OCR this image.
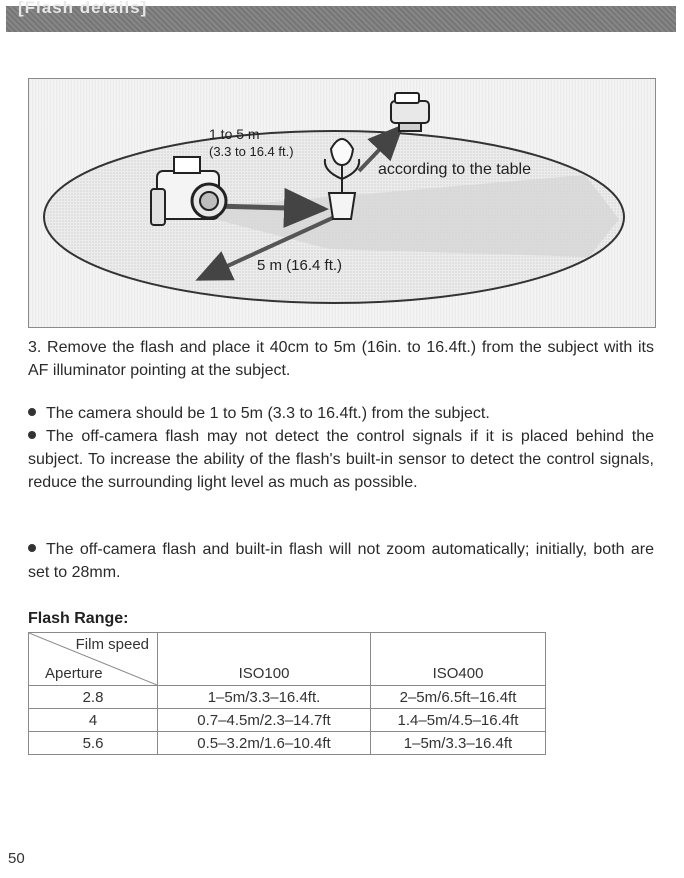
[Flash details]
1 to 5 m
(3.3 to 16.4 ft.)
according to the table
5 m (16.4 ft.)

3. Remove the flash and place it 40cm to 5m (16in. to 16.4ft.) from the subject with its AF illuminator pointing at the subject.

The camera should be 1 to 5m (3.3 to 16.4ft.) from the subject.

The off-camera flash may not detect the control signals if it is placed behind the subject. To increase the ability of the flash's built-in sensor to detect the control signals, reduce the surrounding light level as much as possible.

The off-camera flash and built-in flash will not zoom automatically; initially, both are set to 28mm.

Flash Range:
Film speed
Aperture	ISO100	ISO400
2.8	1–5m/3.3–16.4ft.	2–5m/6.5ft–16.4ft
4	0.7–4.5m/2.3–14.7ft	1.4–5m/4.5–16.4ft
5.6	0.5–3.2m/1.6–10.4ft	1–5m/3.3–16.4ft
50
